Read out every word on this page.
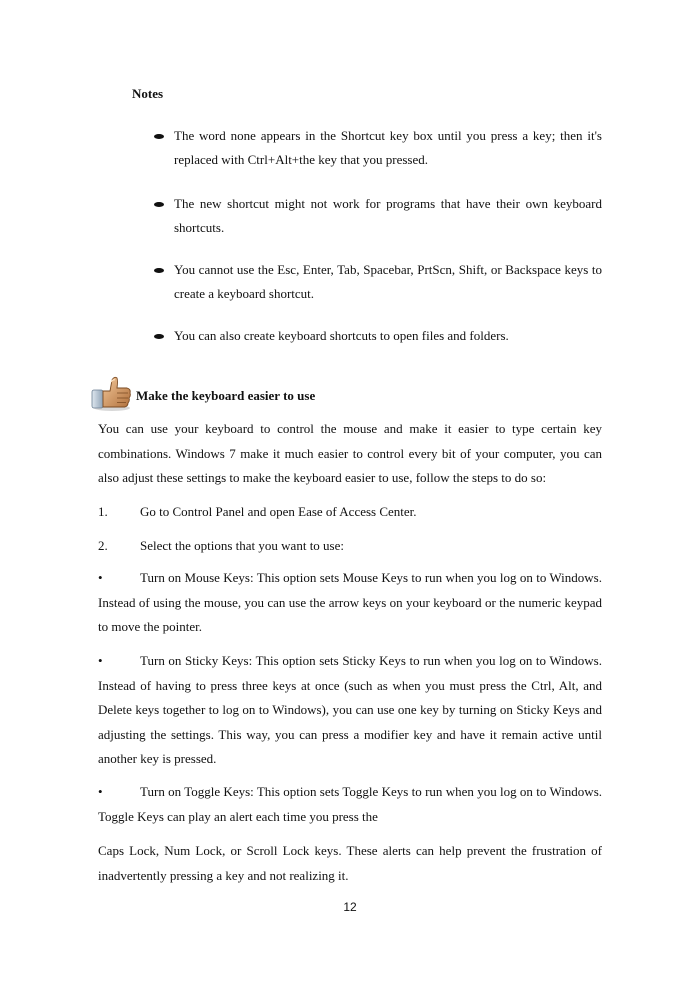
Notes
The word none appears in the Shortcut key box until you press a key; then it's replaced with Ctrl+Alt+the key that you pressed.
The new shortcut might not work for programs that have their own keyboard shortcuts.
You cannot use the Esc, Enter, Tab, Spacebar, PrtScn, Shift, or Backspace keys to create a keyboard shortcut.
You can also create keyboard shortcuts to open files and folders.
Make the keyboard easier to use
You can use your keyboard to control the mouse and make it easier to type certain key combinations. Windows 7 make it much easier to control every bit of your computer, you can also adjust these settings to make the keyboard easier to use, follow the steps to do so:
1. Go to Control Panel and open Ease of Access Center.
2. Select the options that you want to use:
•	Turn on Mouse Keys: This option sets Mouse Keys to run when you log on to Windows. Instead of using the mouse, you can use the arrow keys on your keyboard or the numeric keypad to move the pointer.
•	Turn on Sticky Keys: This option sets Sticky Keys to run when you log on to Windows. Instead of having to press three keys at once (such as when you must press the Ctrl, Alt, and Delete keys together to log on to Windows), you can use one key by turning on Sticky Keys and adjusting the settings. This way, you can press a modifier key and have it remain active until another key is pressed.
•	Turn on Toggle Keys: This option sets Toggle Keys to run when you log on to Windows. Toggle Keys can play an alert each time you press the
Caps Lock, Num Lock, or Scroll Lock keys. These alerts can help prevent the frustration of inadvertently pressing a key and not realizing it.
12
